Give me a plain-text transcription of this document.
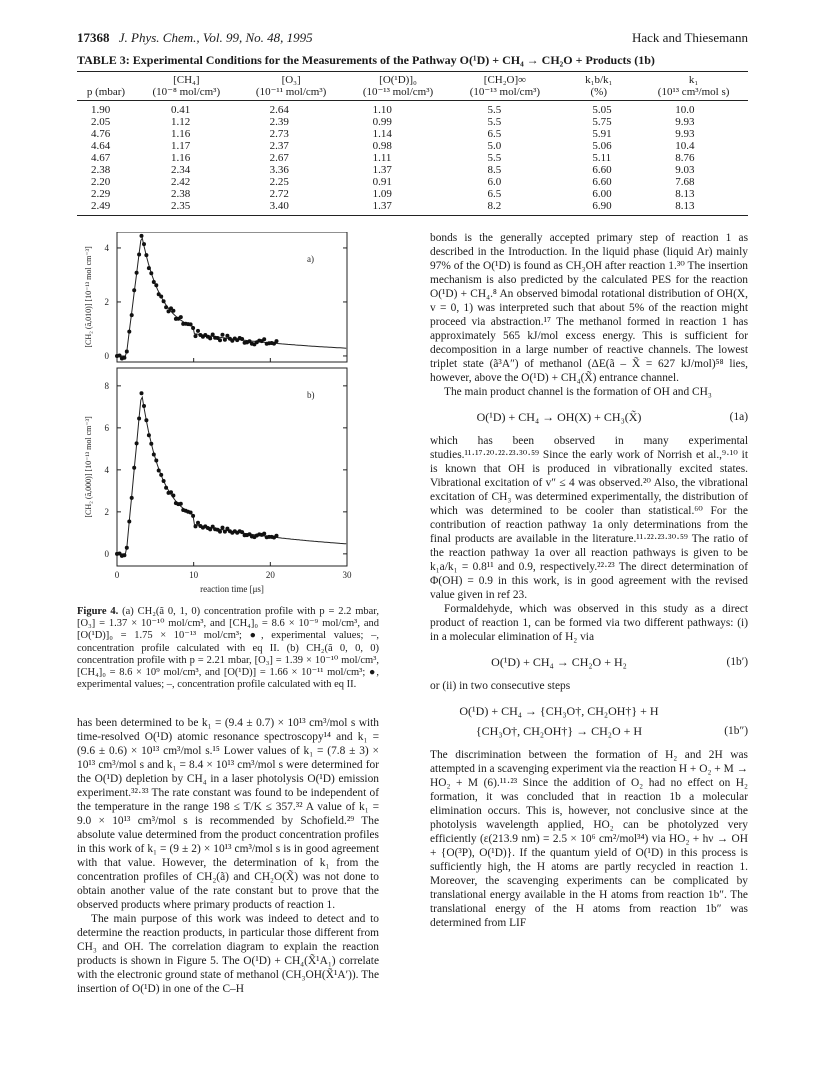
17368 J. Phys. Chem., Vol. 99, No. 48, 1995	Hack and Thiesemann
TABLE 3: Experimental Conditions for the Measurements of the Pathway O(¹D) + CH₄ → CH₂O + Products (1b)
	[CH₄]	[O₃]	[O(¹D)]₀	[CH₂O]∞	k₁b/k₁	k₁
p (mbar)	(10⁻⁸ mol/cm³)	(10⁻¹¹ mol/cm³)	(10⁻¹³ mol/cm³)	(10⁻¹³ mol/cm³)	(%)	(10¹³ cm³/mol s)
1.90	0.41	2.64	1.10	5.5	5.05	10.0
2.05	1.12	2.39	0.99	5.5	5.75	9.93
4.76	1.16	2.73	1.14	6.5	5.91	9.93
4.64	1.17	2.37	0.98	5.0	5.06	10.4
4.67	1.16	2.67	1.11	5.5	5.11	8.76
2.38	2.34	3.36	1.37	8.5	6.60	9.03
2.20	2.42	2.25	0.91	6.0	6.60	7.68
2.29	2.38	2.72	1.09	6.5	6.00	8.13
2.49	2.35	3.40	1.37	8.2	6.90	8.13
0
2
4
[CH₂ (ã,010)] [10⁻¹³ mol cm⁻³]	a)
0
2
4
6
8
[CH₂ (ã,000)] [10⁻¹³ mol cm⁻³]
b)
0	10	20	30
reaction time [μs]
Figure 4. (a) CH₂(ã 0, 1, 0) concentration profile with p = 2.2 mbar, [O₃] = 1.37 × 10⁻¹⁰ mol/cm³, and [CH₄]₀ = 8.6 × 10⁻⁹ mol/cm³, and [O(¹D)]₀ = 1.75 × 10⁻¹³ mol/cm³; ●, experimental values; –, concentration profile calculated with eq II. (b) CH₂(ã 0, 0, 0) concentration profile with p = 2.21 mbar, [O₃] = 1.39 × 10⁻¹⁰ mol/cm³, [CH₄]₀ = 8.6 × 10⁹ mol/cm³, and [O(¹D)] = 1.66 × 10⁻¹¹ mol/cm³; ●, experimental values; –, concentration profile calculated with eq II.

has been determined to be k₁ = (9.4 ± 0.7) × 10¹³ cm³/mol s with time-resolved O(¹D) atomic resonance spectroscopy¹⁴ and k₁ = (9.6 ± 0.6) × 10¹³ cm³/mol s.¹⁵ Lower values of k₁ = (7.8 ± 3) × 10¹³ cm³/mol s and k₁ = 8.4 × 10¹³ cm³/mol s were determined for the O(¹D) depletion by CH₄ in a laser photolysis O(¹D) emission experiment.³²·³³ The rate constant was found to be independent of the temperature in the range 198 ≤ T/K ≤ 357.³² A value of k₁ = 9.0 × 10¹³ cm³/mol s is recommended by Schofield.²⁹ The absolute value determined from the product concentration profiles in this work of k₁ = (9 ± 2) × 10¹³ cm³/mol s is in good agreement with that value. However, the determination of k₁ from the concentration profiles of CH₂(ã) and CH₂O(X̃) was not done to obtain another value of the rate constant but to prove that the observed products where primary products of reaction 1.

The main purpose of this work was indeed to detect and to determine the reaction products, in particular those different from CH₃ and OH. The correlation diagram to explain the reaction products is shown in Figure 5. The O(¹D) + CH₄(X̃¹A₁) correlate with the electronic ground state of methanol (CH₃OH(X̃¹A′)). The insertion of O(¹D) in one of the C–H

bonds is the generally accepted primary step of reaction 1 as described in the Introduction. In the liquid phase (liquid Ar) mainly 97% of the O(¹D) is found as CH₃OH after reaction 1.³⁰ The insertion mechanism is also predicted by the calculated PES for the reaction O(¹D) + CH₄.⁸ An observed bimodal rotational distribution of OH(X, v = 0, 1) was interpreted such that about 5% of the reaction might proceed via abstraction.¹⁷ The methanol formed in reaction 1 has approximately 565 kJ/mol excess energy. This is sufficient for decomposition in a large number of reactive channels. The lowest triplet state (ã³A″) of methanol (ΔE(ã – X̃ = 627 kJ/mol)⁵⁸ lies, however, above the O(¹D) + CH₄(X̃) entrance channel.

The main product channel is the formation of OH and CH₃

O(¹D) + CH₄ → OH(X) + CH₃(X̃)	(1a)

which has been observed in many experimental studies.¹¹·¹⁷·²⁰·²²·²³·³⁰·⁵⁹ Since the early work of Norrish et al.,⁹·¹⁰ it is known that OH is produced in vibrationally excited states. Vibrational excitation of v″ ≤ 4 was observed.²⁰ Also, the vibrational excitation of CH₃ was determined experimentally, the distribution of which was determined to be cooler than statistical.⁶⁰ For the contribution of reaction pathway 1a only determinations from the final products are available in the literature.¹¹·²²·²³·³⁰·⁵⁹ The ratio of the reaction pathway 1a over all reaction pathways is given to be k₁a/k₁ = 0.8¹¹ and 0.9, respectively.²²·²³ The direct determination of Φ(OH) = 0.9 in this work, is in good agreement with the revised value given in ref 23.

Formaldehyde, which was observed in this study as a direct product of reaction 1, can be formed via two different pathways: (i) in a molecular elimination of H₂ via

O(¹D) + CH₄ → CH₂O + H₂	(1b′)

or (ii) in two consecutive steps

O(¹D) + CH₄ → {CH₃O†, CH₂OH†} + H
{CH₃O†, CH₂OH†} → CH₂O + H	(1b″)

The discrimination between the formation of H₂ and 2H was attempted in a scavenging experiment via the reaction H + O₂ + M → HO₂ + M (6).¹¹·²³ Since the addition of O₂ had no effect on H₂ formation, it was concluded that in reaction 1b a molecular elimination occurs. This is, however, not conclusive since at the photolysis wavelength applied, HO₂ can be photolyzed very efficiently (ε(213.9 nm) = 2.5 × 10⁶ cm²/mol³⁴) via HO₂ + hν → OH + {O(³P), O(¹D)}. If the quantum yield of O(¹D) in this process is sufficiently high, the H atoms are partly recycled in reaction 1. Moreover, the scavenging experiments can be complicated by translational energy available in the H atoms from reaction 1b″. The translational energy of the H atoms from reaction 1b″ was determined from LIF
